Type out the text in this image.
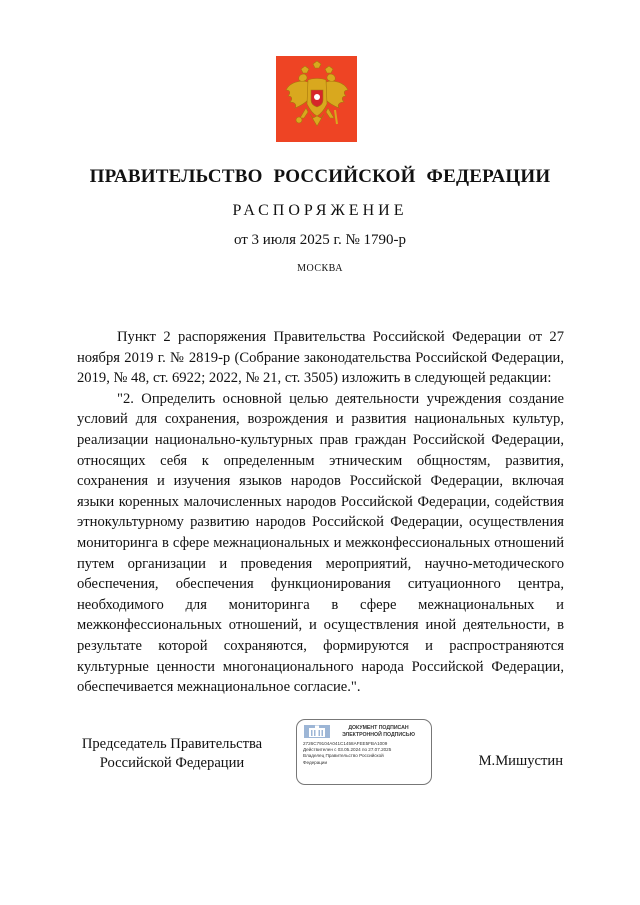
ПРАВИТЕЛЬСТВО РОССИЙСКОЙ ФЕДЕРАЦИИ
РАСПОРЯЖЕНИЕ
от 3 июля 2025 г. № 1790-р
МОСКВА

Пункт 2 распоряжения Правительства Российской Федерации от 27 ноября 2019 г. № 2819-р (Собрание законодательства Российской Федерации, 2019, № 48, ст. 6922; 2022, № 21, ст. 3505) изложить в следующей редакции:

"2. Определить основной целью деятельности учреждения создание условий для сохранения, возрождения и развития национальных культур, реализации национально-культурных прав граждан Российской Федерации, относящих себя к определенным этническим общностям, развития, сохранения и изучения языков народов Российской Федерации, включая языки коренных малочисленных народов Российской Федерации, содействия этнокультурному развитию народов Российской Федерации, осуществления мониторинга в сфере межнациональных и межконфессиональных отношений путем организации и проведения мероприятий, научно-методического обеспечения, обеспечения функционирования ситуационного центра, необходимого для мониторинга в сфере межнациональных и межконфессиональных отношений, и осуществления иной деятельности, в результате которой сохраняются, формируются и распространяются культурные ценности многонационального народа Российской Федерации, обеспечивается межнациональное согласие.".

Председатель Правительства
Российской Федерации
ДОКУМЕНТ ПОДПИСАН
ЭЛЕКТРОННОЙ ПОДПИСЬЮ
2726C79104A041C1458AFEE5FBA1009
Действителен с 03.05.2024 по 27.07.2025
Владелец Правительство Российской
Федерации	М.Мишустин
